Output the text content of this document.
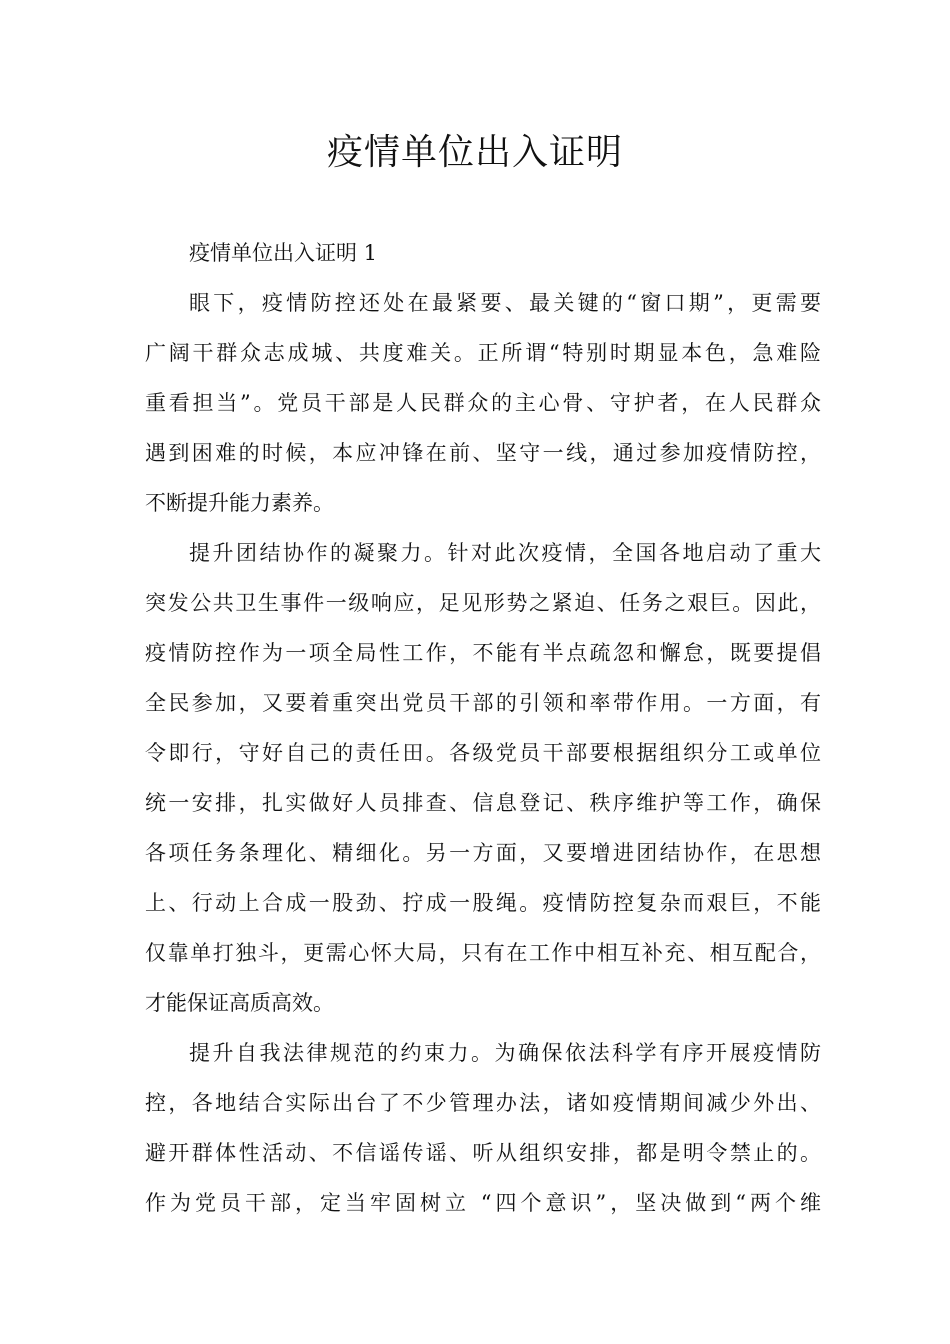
疫情单位出入证明
疫情单位出入证明 1
眼下，疫情防控还处在最紧要、最关键的“窗口期”，更需要
广阔干群众志成城、共度难关。正所谓“特别时期显本色，急难险
重看担当”。党员干部是人民群众的主心骨、守护者，在人民群众
遇到困难的时候，本应冲锋在前、坚守一线，通过参加疫情防控，
不断提升能力素养。
提升团结协作的凝聚力。针对此次疫情，全国各地启动了重大
突发公共卫生事件一级响应，足见形势之紧迫、任务之艰巨。因此，
疫情防控作为一项全局性工作，不能有半点疏忽和懈怠，既要提倡
全民参加，又要着重突出党员干部的引领和率带作用。一方面，有
令即行，守好自己的责任田。各级党员干部要根据组织分工或单位
统一安排，扎实做好人员排查、信息登记、秩序维护等工作，确保
各项任务条理化、精细化。另一方面，又要增进团结协作，在思想
上、行动上合成一股劲、拧成一股绳。疫情防控复杂而艰巨，不能
仅靠单打独斗，更需心怀大局，只有在工作中相互补充、相互配合，
才能保证高质高效。
提升自我法律规范的约束力。为确保依法科学有序开展疫情防
控，各地结合实际出台了不少管理办法，诸如疫情期间减少外出、
避开群体性活动、不信谣传谣、听从组织安排，都是明令禁止的。
作为党员干部，定当牢固树立 “四个意识”，坚决做到“两个维
